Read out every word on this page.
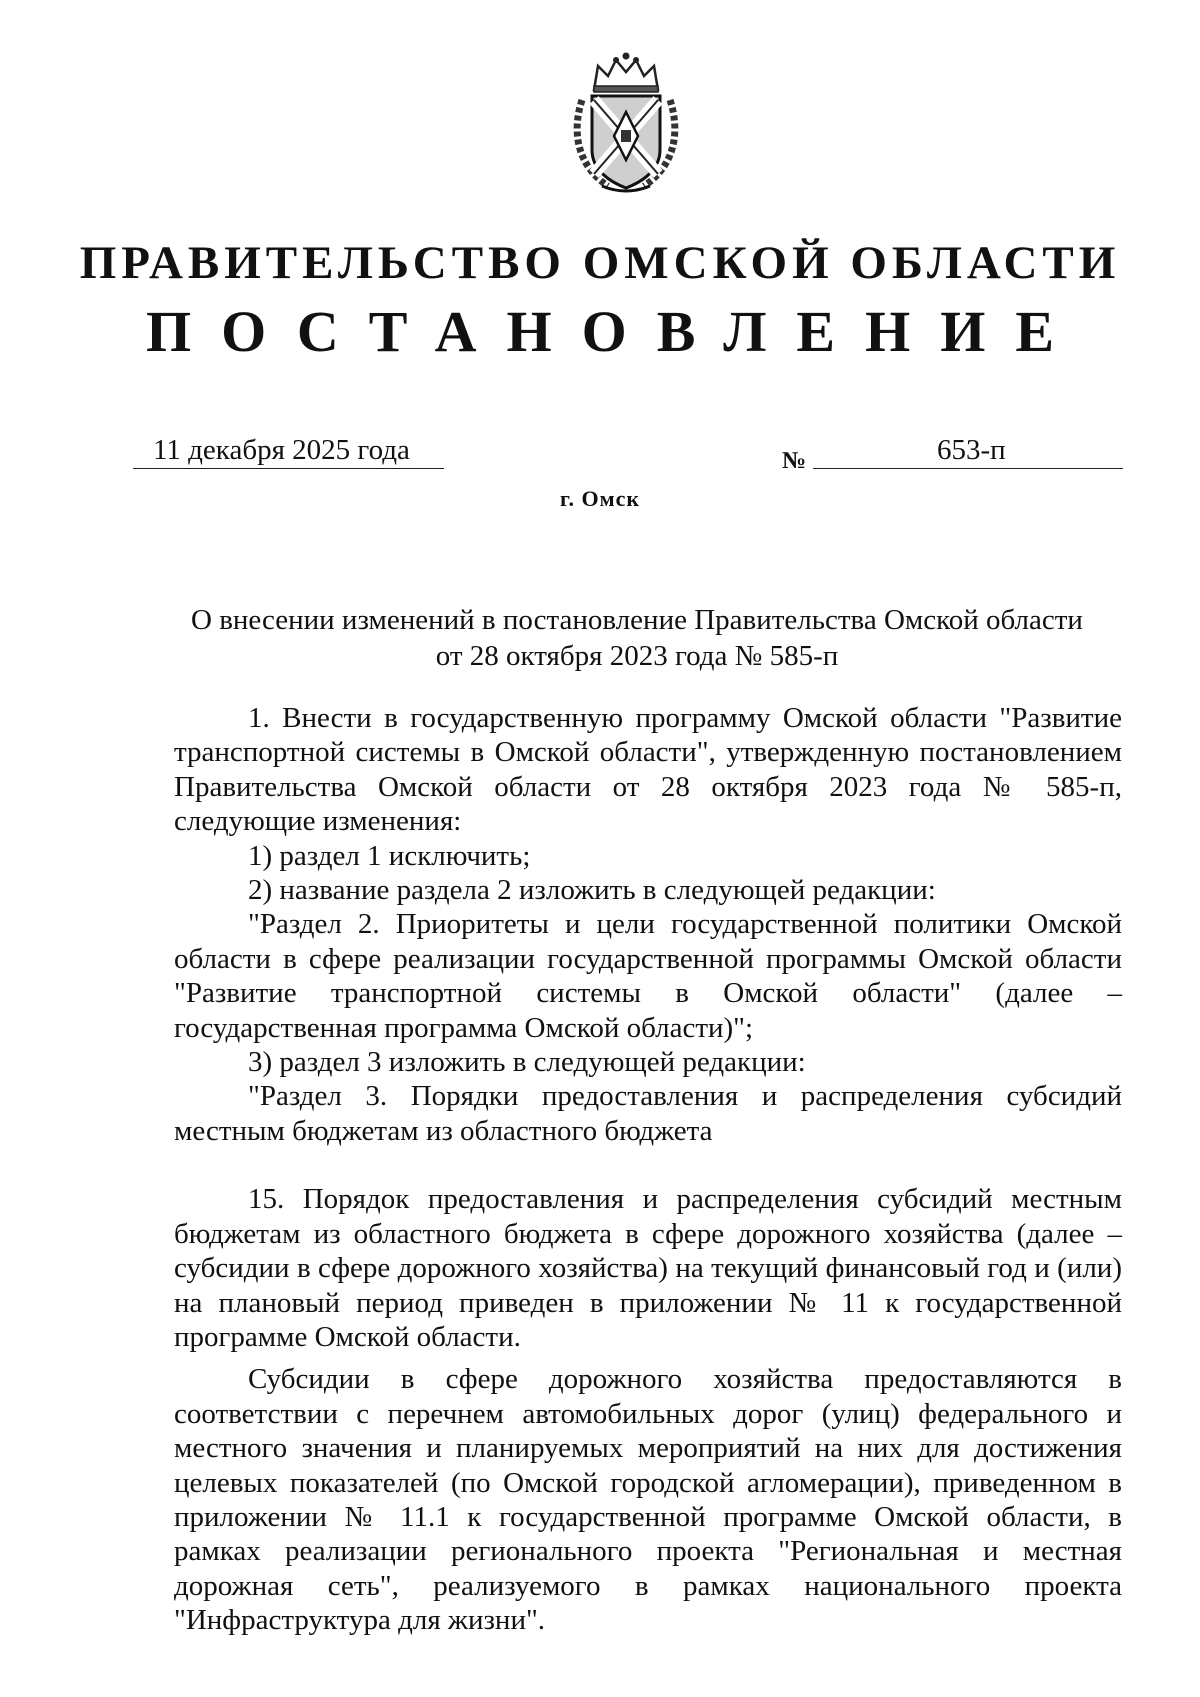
ПРАВИТЕЛЬСТВО ОМСКОЙ ОБЛАСТИ
ПОСТАНОВЛЕНИЕ
11 декабря 2025 года	№	653-п
г. Омск
О внесении изменений в постановление Правительства Омской области
от 28 октября 2023 года № 585-п

1. Внести в государственную программу Омской области "Развитие транспортной системы в Омской области", утвержденную постановлением Правительства Омской области от 28 октября 2023 года № 585-п, следующие изменения:

1) раздел 1 исключить;

2) название раздела 2 изложить в следующей редакции:

"Раздел 2. Приоритеты и цели государственной политики Омской области в сфере реализации государственной программы Омской области "Развитие транспортной системы в Омской области" (далее – государственная программа Омской области)";

3) раздел 3 изложить в следующей редакции:

"Раздел 3. Порядки предоставления и распределения субсидий местным бюджетам из областного бюджета

15. Порядок предоставления и распределения субсидий местным бюджетам из областного бюджета в сфере дорожного хозяйства (далее – субсидии в сфере дорожного хозяйства) на текущий финансовый год и (или) на плановый период приведен в приложении № 11 к государственной программе Омской области.

Субсидии в сфере дорожного хозяйства предоставляются в соответствии с перечнем автомобильных дорог (улиц) федерального и местного значения и планируемых мероприятий на них для достижения целевых показателей (по Омской городской агломерации), приведенном в приложении № 11.1 к государственной программе Омской области, в рамках реализации регионального проекта "Региональная и местная дорожная сеть", реализуемого в рамках национального проекта "Инфраструктура для жизни".
